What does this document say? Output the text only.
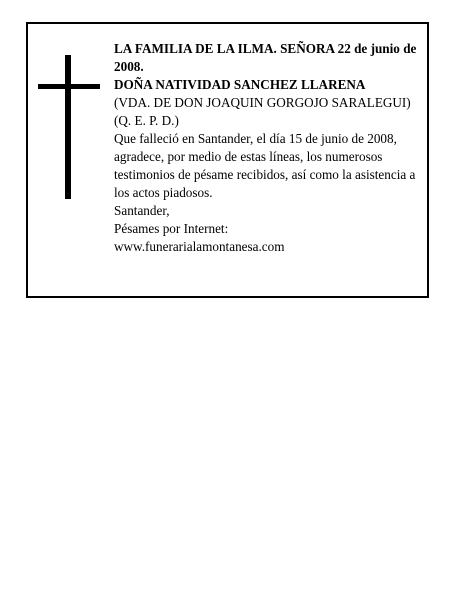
LA FAMILIA DE LA ILMA. SEÑORA 22 de junio de 2008.

DOÑA NATIVIDAD SANCHEZ LLARENA

(VDA. DE DON JOAQUIN GORGOJO SARALEGUI)

(Q. E. P. D.)

Que falleció en Santander, el día 15 de junio de 2008, agradece, por medio de estas líneas, los numerosos testimonios de pésame recibidos, así como la asistencia a los actos piadosos.

Santander,

Pésames por Internet:

www.funerarialamontanesa.com
